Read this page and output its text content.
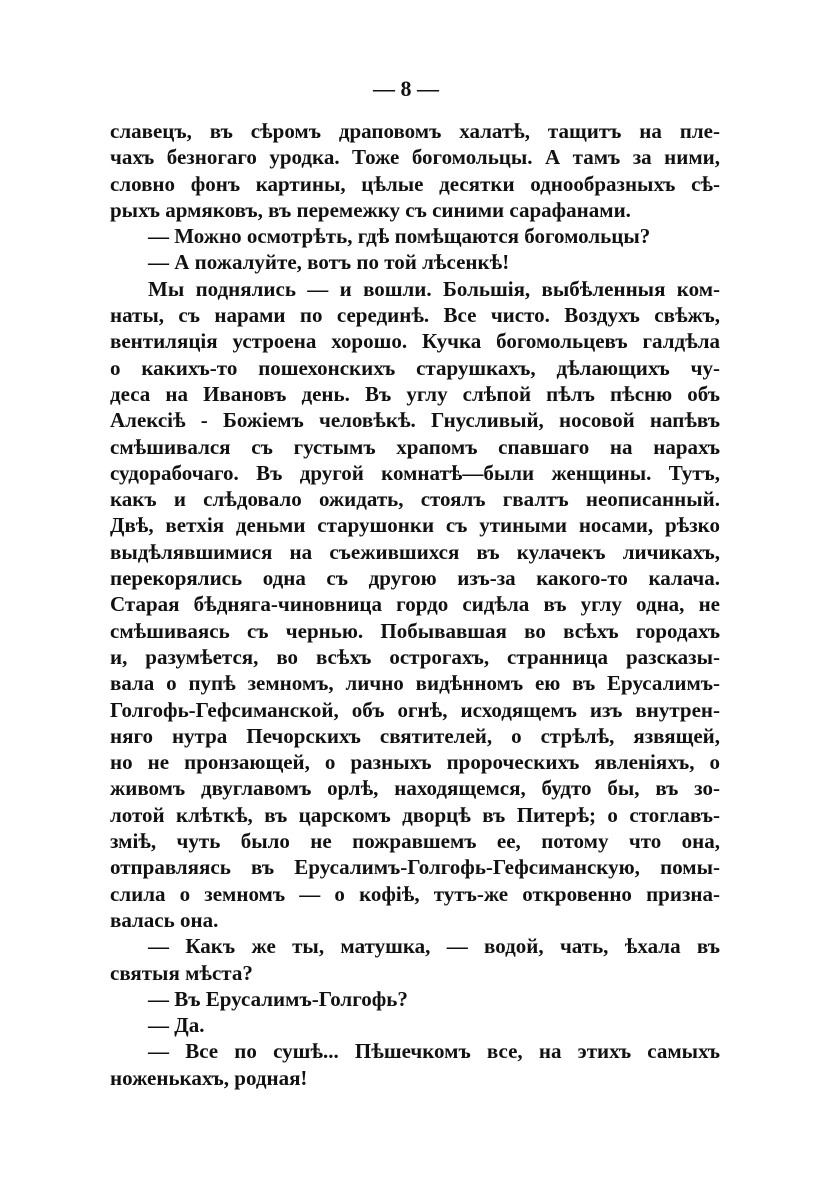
— 8 —
славецъ, въ сѣромъ драповомъ халатѣ, тащитъ на пле-
чахъ безногаго уродка. Тоже богомольцы. А тамъ за ними,
словно фонъ картины, цѣлые десятки однообразныхъ сѣ-
рыхъ армяковъ, въ перемежку съ синими сарафанами.
— Можно осмотрѣть, гдѣ помѣщаются богомольцы?
— А пожалуйте, вотъ по той лѣсенкѣ!
Мы поднялись — и вошли. Большія, выбѣленныя ком-
наты, съ нарами по серединѣ. Все чисто. Воздухъ свѣжъ,
вентиляція устроена хорошо. Кучка богомольцевъ галдѣла
о какихъ-то пошехонскихъ старушкахъ, дѣлающихъ чу-
деса на Ивановъ день. Въ углу слѣпой пѣлъ пѣсню объ
Алексіѣ - Божіемъ человѣкѣ. Гнусливый, носовой напѣвъ
смѣшивался съ густымъ храпомъ спавшаго на нарахъ
судорабочаго. Въ другой комнатѣ—были женщины. Тутъ,
какъ и слѣдовало ожидать, стоялъ гвалтъ неописанный.
Двѣ, ветхія деньми старушонки съ утиными носами, рѣзко
выдѣлявшимися на съежившихся въ кулачекъ личикахъ,
перекорялись одна съ другою изъ-за какого-то калача.
Старая бѣдняга-чиновница гордо сидѣла въ углу одна, не
смѣшиваясь съ чернью. Побывавшая во всѣхъ городахъ
и, разумѣется, во всѣхъ острогахъ, странница разсказы-
вала о пупѣ земномъ, лично видѣнномъ ею въ Ерусалимъ-
Голгофь-Гефсиманской, объ огнѣ, исходящемъ изъ внутрен-
няго нутра Печорскихъ святителей, о стрѣлѣ, язвящей,
но не пронзающей, о разныхъ пророческихъ явленіяхъ, о
живомъ двуглавомъ орлѣ, находящемся, будто бы, въ зо-
лотой клѣткѣ, въ царскомъ дворцѣ въ Питерѣ; о стоглавъ-
зміѣ, чуть было не пожравшемъ ее, потому что она,
отправляясь въ Ерусалимъ-Голгофь-Гефсиманскую, помы-
слила о земномъ — о кофіѣ, тутъ-же откровенно призна-
валась она.
— Какъ же ты, матушка, — водой, чать, ѣхала въ
святыя мѣста?
— Въ Ерусалимъ-Голгофь?
— Да.
— Все по сушѣ... Пѣшечкомъ все, на этихъ самыхъ
ноженькахъ, родная!
